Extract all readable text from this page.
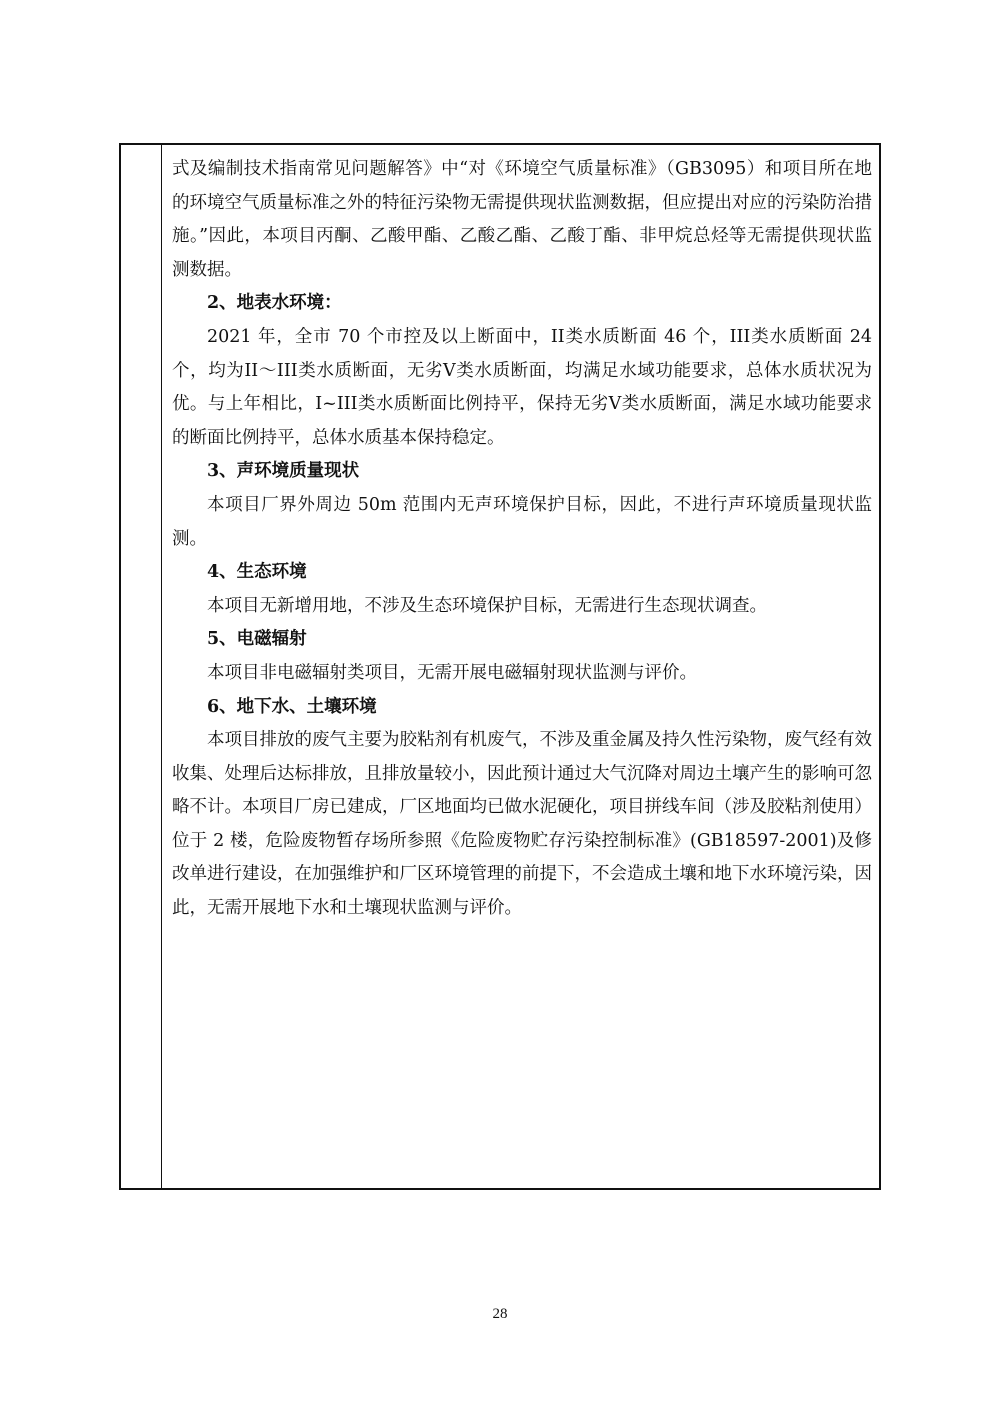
式及编制技术指南常见问题解答》中“对《环境空气质量标准》（GB3095）和项目所在地的环境空气质量标准之外的特征污染物无需提供现状监测数据，但应提出对应的污染防治措施。”因此，本项目丙酮、乙酸甲酯、乙酸乙酯、乙酸丁酯、非甲烷总烃等无需提供现状监测数据。

2、地表水环境：

2021 年，全市 70 个市控及以上断面中，II类水质断面 46 个，III类水质断面 24 个，均为II～III类水质断面，无劣V类水质断面，均满足水域功能要求，总体水质状况为优。与上年相比，I~III类水质断面比例持平，保持无劣V类水质断面，满足水域功能要求的断面比例持平，总体水质基本保持稳定。

3、声环境质量现状

本项目厂界外周边 50m 范围内无声环境保护目标，因此，不进行声环境质量现状监测。

4、生态环境

本项目无新增用地，不涉及生态环境保护目标，无需进行生态现状调查。

5、电磁辐射

本项目非电磁辐射类项目，无需开展电磁辐射现状监测与评价。

6、地下水、土壤环境

本项目排放的废气主要为胶粘剂有机废气，不涉及重金属及持久性污染物，废气经有效收集、处理后达标排放，且排放量较小，因此预计通过大气沉降对周边土壤产生的影响可忽略不计。本项目厂房已建成，厂区地面均已做水泥硬化，项目拼线车间（涉及胶粘剂使用）位于 2 楼，危险废物暂存场所参照《危险废物贮存污染控制标准》(GB18597-2001)及修改单进行建设，在加强维护和厂区环境管理的前提下，不会造成土壤和地下水环境污染，因此，无需开展地下水和土壤现状监测与评价。

28
